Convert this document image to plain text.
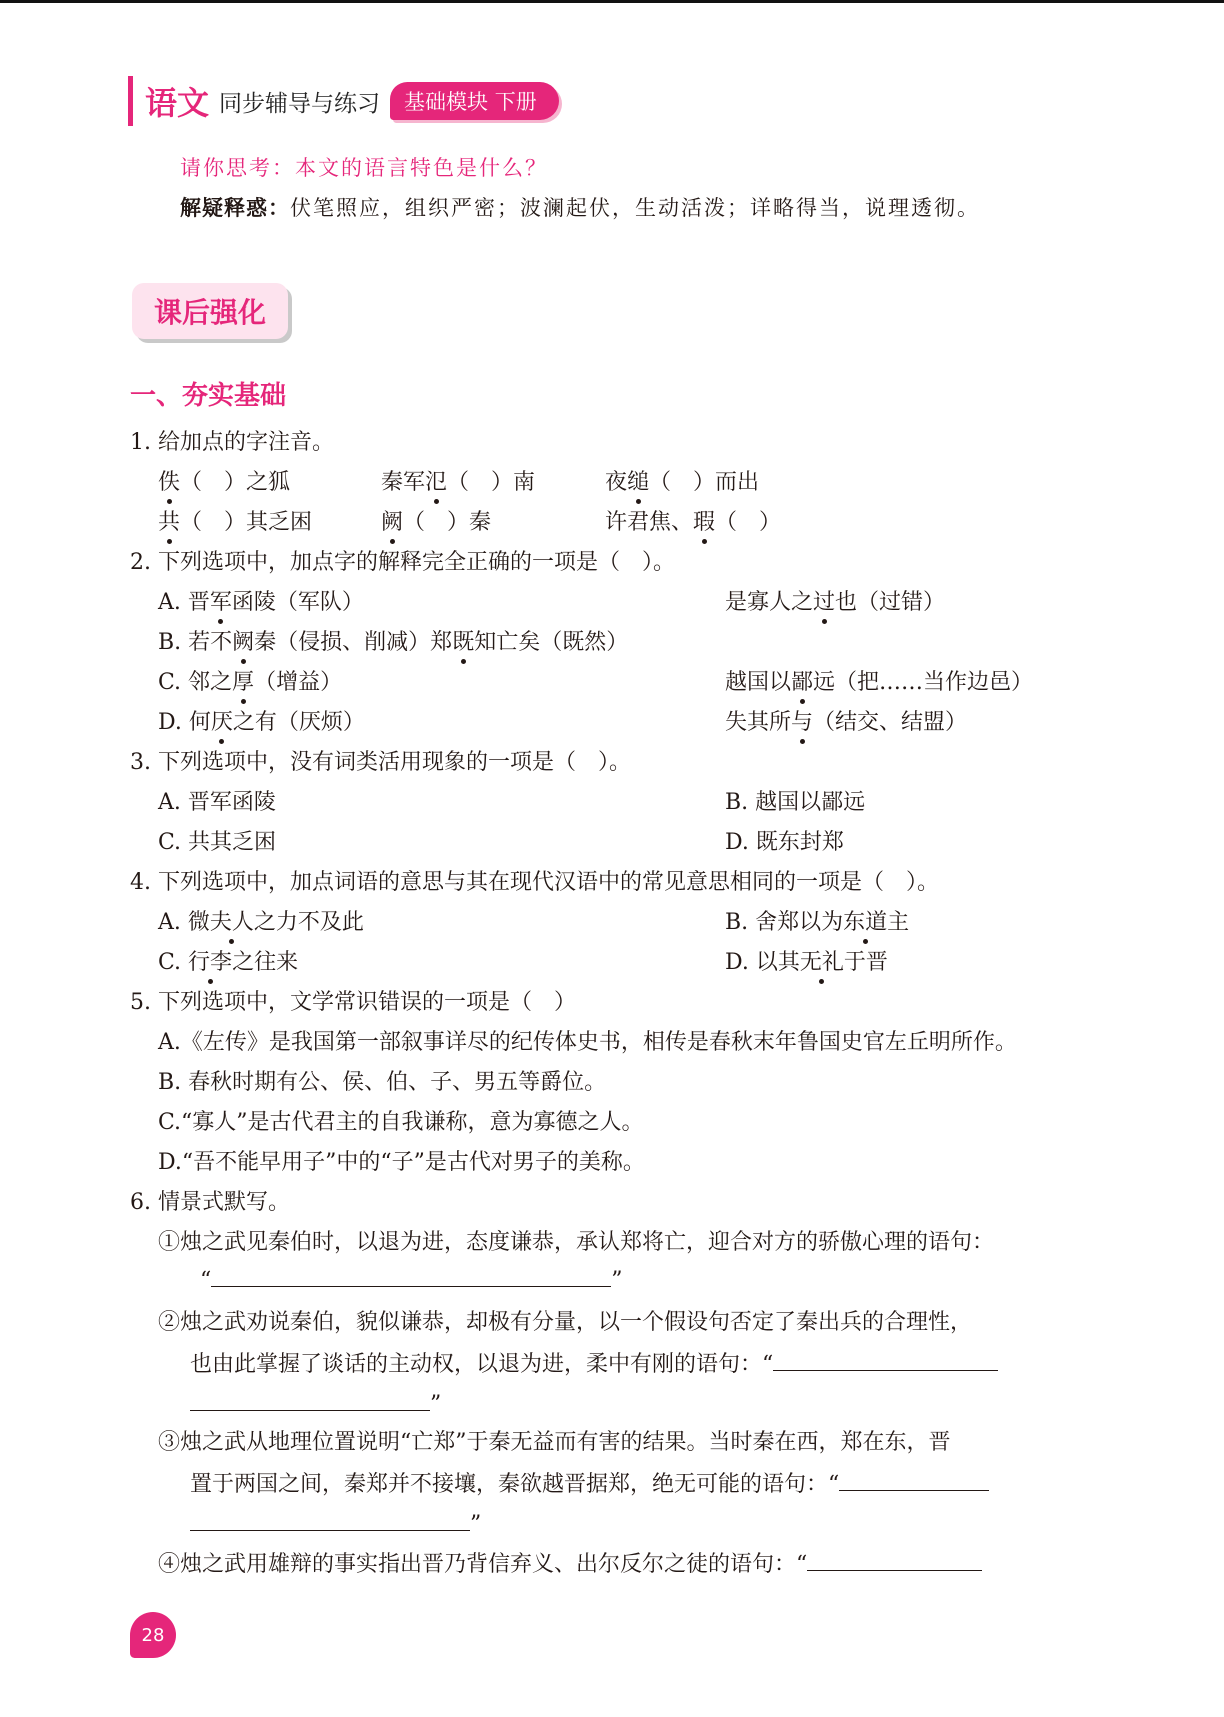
语文 同步辅导与练习	基础模块 下册
请你思考：本文的语言特色是什么？
解疑释惑：伏笔照应，组织严密；波澜起伏，生动活泼；详略得当，说理透彻。
课后强化
一、夯实基础
1. 给加点的字注音。
佚（　）之狐	秦军氾（　）南	夜缒（　）而出
共（　）其乏困	阙（　）秦	许君焦、瑕（　）
2. 下列选项中，加点字的解释完全正确的一项是（　）。
A. 晋军函陵（军队）	是寡人之过也（过错）
B. 若不阙秦（侵损、削减）郑既知亡矣（既然）
C. 邻之厚（增益）	越国以鄙远（把……当作边邑）
D. 何厌之有（厌烦）	失其所与（结交、结盟）
3. 下列选项中，没有词类活用现象的一项是（　）。
A. 晋军函陵	B. 越国以鄙远
C. 共其乏困	D. 既东封郑
4. 下列选项中，加点词语的意思与其在现代汉语中的常见意思相同的一项是（　）。
A. 微夫人之力不及此	B. 舍郑以为东道主
C. 行李之往来	D. 以其无礼于晋
5. 下列选项中，文学常识错误的一项是（　）
A.《左传》是我国第一部叙事详尽的纪传体史书，相传是春秋末年鲁国史官左丘明所作。
B. 春秋时期有公、侯、伯、子、男五等爵位。
C.“寡人”是古代君主的自我谦称，意为寡德之人。
D.“吾不能早用子”中的“子”是古代对男子的美称。
6. 情景式默写。
①烛之武见秦伯时，以退为进，态度谦恭，承认郑将亡，迎合对方的骄傲心理的语句：
“	”
②烛之武劝说秦伯，貌似谦恭，却极有分量，以一个假设句否定了秦出兵的合理性，
也由此掌握了谈话的主动权，以退为进，柔中有刚的语句：“
”
③烛之武从地理位置说明“亡郑”于秦无益而有害的结果。当时秦在西，郑在东，晋
置于两国之间，秦郑并不接壤，秦欲越晋据郑，绝无可能的语句：“
”
④烛之武用雄辩的事实指出晋乃背信弃义、出尔反尔之徒的语句：“
28
